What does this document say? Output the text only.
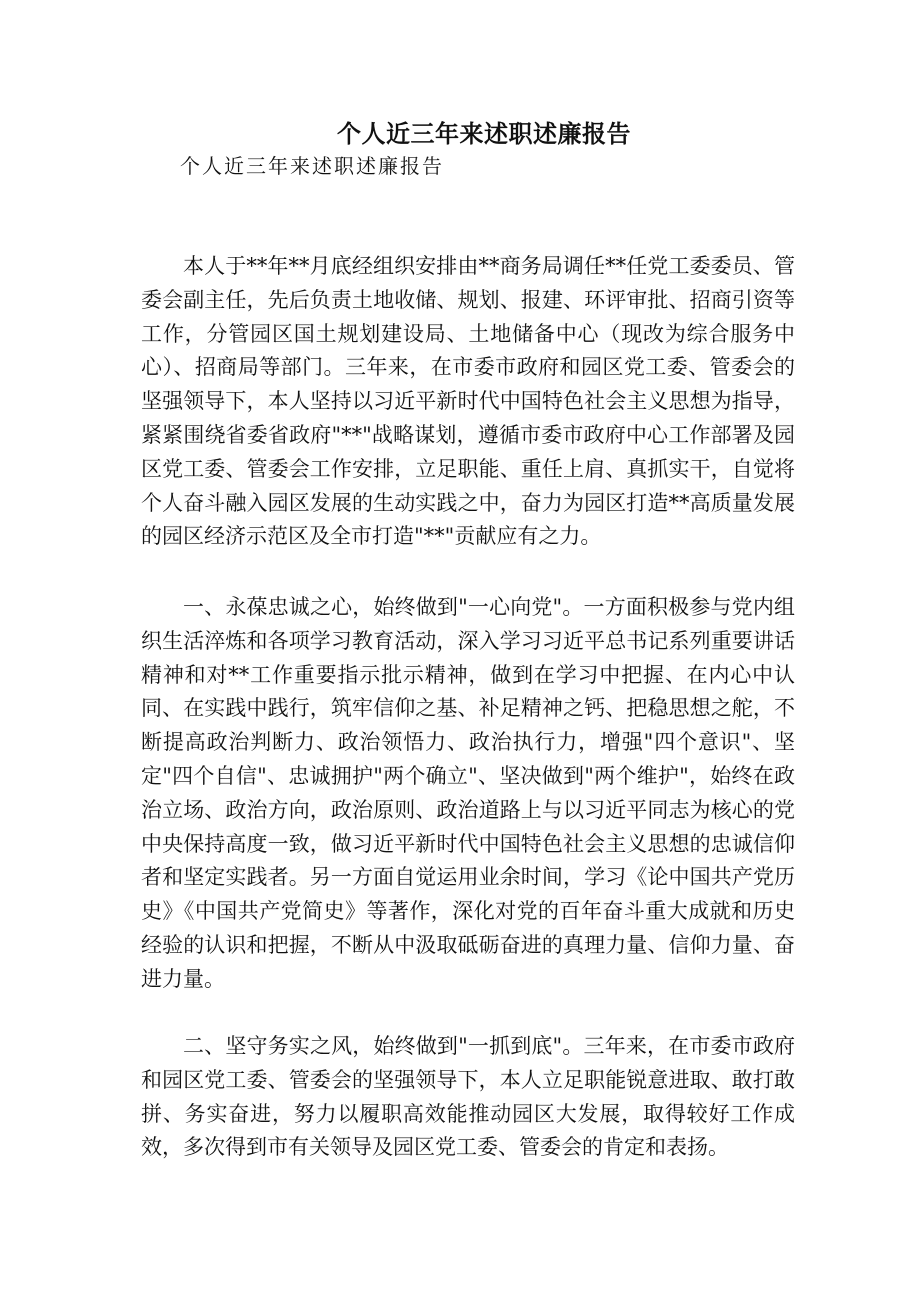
个人近三年来述职述廉报告
个人近三年来述职述廉报告

本人于**年**月底经组织安排由**商务局调任**任党工委委员、管委会副主任，先后负责土地收储、规划、报建、环评审批、招商引资等工作，分管园区国土规划建设局、土地储备中心（现改为综合服务中心）、招商局等部门。三年来，在市委市政府和园区党工委、管委会的坚强领导下，本人坚持以习近平新时代中国特色社会主义思想为指导，紧紧围绕省委省政府"**"战略谋划，遵循市委市政府中心工作部署及园区党工委、管委会工作安排，立足职能、重任上肩、真抓实干，自觉将个人奋斗融入园区发展的生动实践之中，奋力为园区打造**高质量发展的园区经济示范区及全市打造"**"贡献应有之力。

一、永葆忠诚之心，始终做到"一心向党"。一方面积极参与党内组织生活淬炼和各项学习教育活动，深入学习习近平总书记系列重要讲话精神和对**工作重要指示批示精神，做到在学习中把握、在内心中认同、在实践中践行，筑牢信仰之基、补足精神之钙、把稳思想之舵，不断提高政治判断力、政治领悟力、政治执行力，增强"四个意识"、坚定"四个自信"、忠诚拥护"两个确立"、坚决做到"两个维护"，始终在政治立场、政治方向，政治原则、政治道路上与以习近平同志为核心的党中央保持高度一致，做习近平新时代中国特色社会主义思想的忠诚信仰者和坚定实践者。另一方面自觉运用业余时间，学习《论中国共产党历史》《中国共产党简史》等著作，深化对党的百年奋斗重大成就和历史经验的认识和把握，不断从中汲取砥砺奋进的真理力量、信仰力量、奋进力量。

二、坚守务实之风，始终做到"一抓到底"。三年来，在市委市政府和园区党工委、管委会的坚强领导下，本人立足职能锐意进取、敢打敢拼、务实奋进，努力以履职高效能推动园区大发展，取得较好工作成效，多次得到市有关领导及园区党工委、管委会的肯定和表扬。
